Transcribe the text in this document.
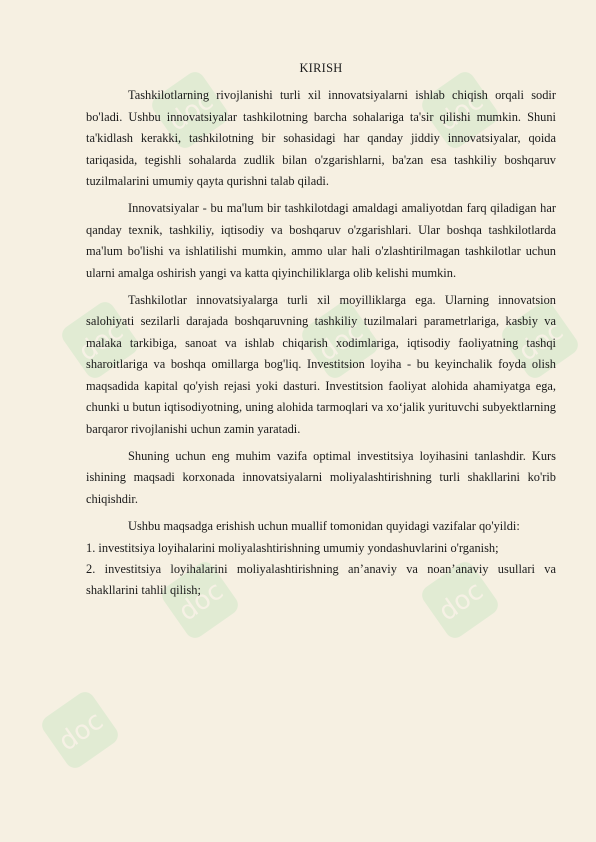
doc	doc
doc	doc	doc
doc	doc
doc
KIRISH

Tashkilotlarning rivojlanishi turli xil innovatsiyalarni ishlab chiqish orqali sodir bo'ladi. Ushbu innovatsiyalar tashkilotning barcha sohalariga ta'sir qilishi mumkin. Shuni ta'kidlash kerakki, tashkilotning bir sohasidagi har qanday jiddiy innovatsiyalar, qoida tariqasida, tegishli sohalarda zudlik bilan o'zgarishlarni, ba'zan esa tashkiliy boshqaruv tuzilmalarini umumiy qayta qurishni talab qiladi.

Innovatsiyalar - bu ma'lum bir tashkilotdagi amaldagi amaliyotdan farq qiladigan har qanday texnik, tashkiliy, iqtisodiy va boshqaruv o'zgarishlari. Ular boshqa tashkilotlarda ma'lum bo'lishi va ishlatilishi mumkin, ammo ular hali o'zlashtirilmagan tashkilotlar uchun ularni amalga oshirish yangi va katta qiyinchiliklarga olib kelishi mumkin.

Tashkilotlar innovatsiyalarga turli xil moyilliklarga ega. Ularning innovatsion salohiyati sezilarli darajada boshqaruvning tashkiliy tuzilmalari parametrlariga, kasbiy va malaka tarkibiga, sanoat va ishlab chiqarish xodimlariga, iqtisodiy faoliyatning tashqi sharoitlariga va boshqa omillarga bog'liq. Investitsion loyiha - bu keyinchalik foyda olish maqsadida kapital qo'yish rejasi yoki dasturi. Investitsion faoliyat alohida ahamiyatga ega, chunki u butun iqtisodiyotning, uning alohida tarmoqlari va xo‘jalik yurituvchi subyektlarning barqaror rivojlanishi uchun zamin yaratadi.

Shuning uchun eng muhim vazifa optimal investitsiya loyihasini tanlashdir. Kurs ishining maqsadi korxonada innovatsiyalarni moliyalashtirishning turli shakllarini ko'rib chiqishdir.

Ushbu maqsadga erishish uchun muallif tomonidan quyidagi vazifalar qo'yildi:

1. investitsiya loyihalarini moliyalashtirishning umumiy yondashuvlarini o'rganish;

2. investitsiya loyihalarini moliyalashtirishning an’anaviy va noan’anaviy usullari va shakllarini tahlil qilish;
